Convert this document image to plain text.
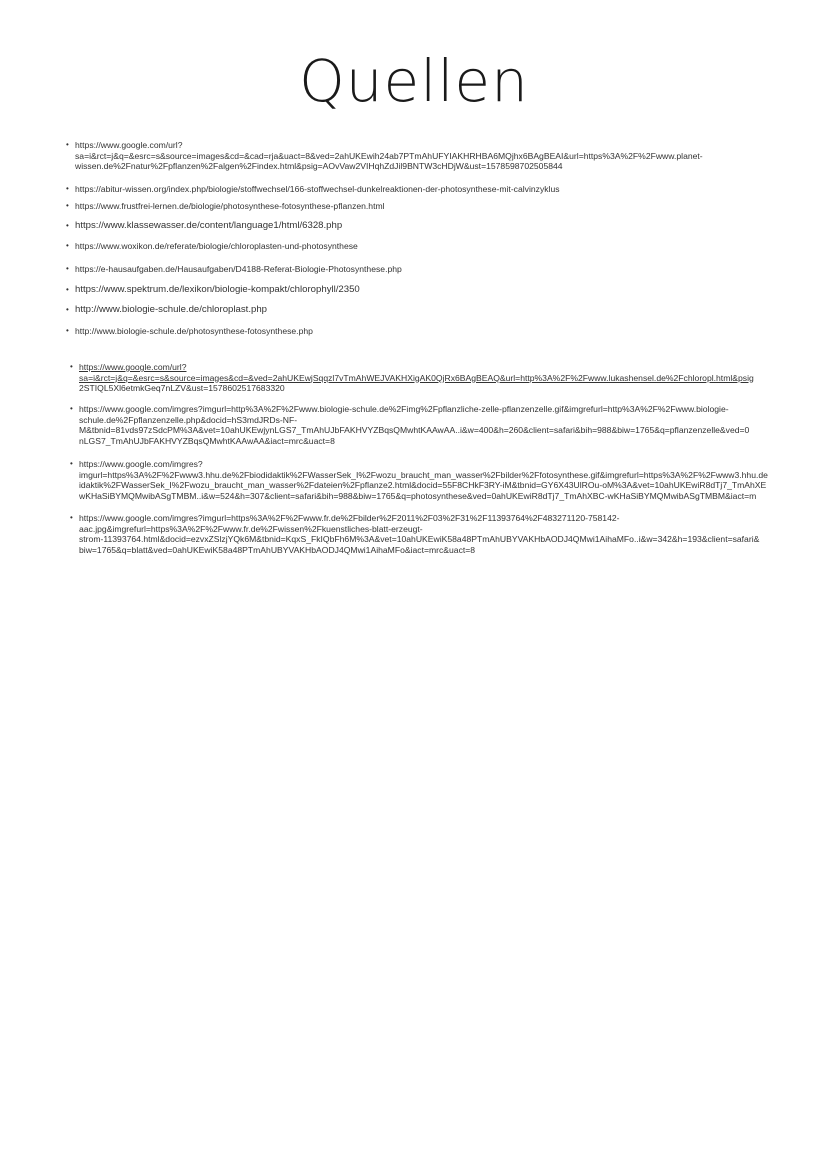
Quellen
• https://www.google.com/url?
sa=i&rct=j&q=&esrc=s&source=images&cd=&cad=rja&uact=8&ved=2ahUKEwih24ab7PTmAhUFYIAKHRHBA6MQjhx6BAgBEAI&url=https%3A%2F%2Fwww.planet-
wissen.de%2Fnatur%2Fpflanzen%2Falgen%2Findex.html&psig=AOvVaw2VIHqhZdJil9BNTW3cHDjW&ust=1578598702505844
• https://abitur-wissen.org/index.php/biologie/stoffwechsel/166-stoffwechsel-dunkelreaktionen-der-photosynthese-mit-calvinzyklus
• https://www.frustfrei-lernen.de/biologie/photosynthese-fotosynthese-pflanzen.html
• https://www.klassewasser.de/content/language1/html/6328.php
• https://www.woxikon.de/referate/biologie/chloroplasten-und-photosynthese
• https://e-hausaufgaben.de/Hausaufgaben/D4188-Referat-Biologie-Photosynthese.php
• https://www.spektrum.de/lexikon/biologie-kompakt/chlorophyll/2350
• http://www.biologie-schule.de/chloroplast.php
• http://www.biologie-schule.de/photosynthese-fotosynthese.php
• https://www.google.com/url?
sa=i&rct=j&q=&esrc=s&source=images&cd=&ved=2ahUKEwjSqqzl7vTmAhWEJVAKHXigAK0QjRx6BAgBEAQ&url=http%3A%2F%2Fwww.lukashensel.de%2Fchloropl.html&psig
2STIQL5Xl6etmkGeq7nLZV&ust=1578602517683320
• https://www.google.com/imgres?imgurl=http%3A%2F%2Fwww.biologie-schule.de%2Fimg%2Fpflanzliche-zelle-pflanzenzelle.gif&imgrefurl=http%3A%2F%2Fwww.biologie-
schule.de%2Fpflanzenzelle.php&docid=hS3mdJRDs-NF-
M&tbnid=81vds97zSdcPM%3A&vet=10ahUKEwjynLGS7_TmAhUJbFAKHVYZBqsQMwhtKAAwAA..i&w=400&h=260&client=safari&bih=988&biw=1765&q=pflanzenzelle&ved=0
nLGS7_TmAhUJbFAKHVYZBqsQMwhtKAAwAA&iact=mrc&uact=8
• https://www.google.com/imgres?
imgurl=https%3A%2F%2Fwww3.hhu.de%2Fbiodidaktik%2FWasserSek_I%2Fwozu_braucht_man_wasser%2Fbilder%2Ffotosynthese.gif&imgrefurl=https%3A%2F%2Fwww3.hhu.de
idaktik%2FWasserSek_I%2Fwozu_braucht_man_wasser%2Fdateien%2Fpflanze2.html&docid=55F8CHkF3RY-iM&tbnid=GY6X43UlROu-oM%3A&vet=10ahUKEwiR8dTj7_TmAhXE
wKHaSiBYMQMwibASgTMBM..i&w=524&h=307&client=safari&bih=988&biw=1765&q=photosynthese&ved=0ahUKEwiR8dTj7_TmAhXBC-wKHaSiBYMQMwibASgTMBM&iact=m
• https://www.google.com/imgres?imgurl=https%3A%2F%2Fwww.fr.de%2Fbilder%2F2011%2F03%2F31%2F11393764%2F483271120-758142-
aac.jpg&imgrefurl=https%3A%2F%2Fwww.fr.de%2Fwissen%2Fkuenstliches-blatt-erzeugt-
strom-11393764.html&docid=ezvxZSlzjYQk6M&tbnid=KqxS_FkIQbFh6M%3A&vet=10ahUKEwiK58a48PTmAhUBYVAKHbAODJ4QMwi1AihaMFo..i&w=342&h=193&client=safari&
biw=1765&q=blatt&ved=0ahUKEwiK58a48PTmAhUBYVAKHbAODJ4QMwi1AihaMFo&iact=mrc&uact=8
